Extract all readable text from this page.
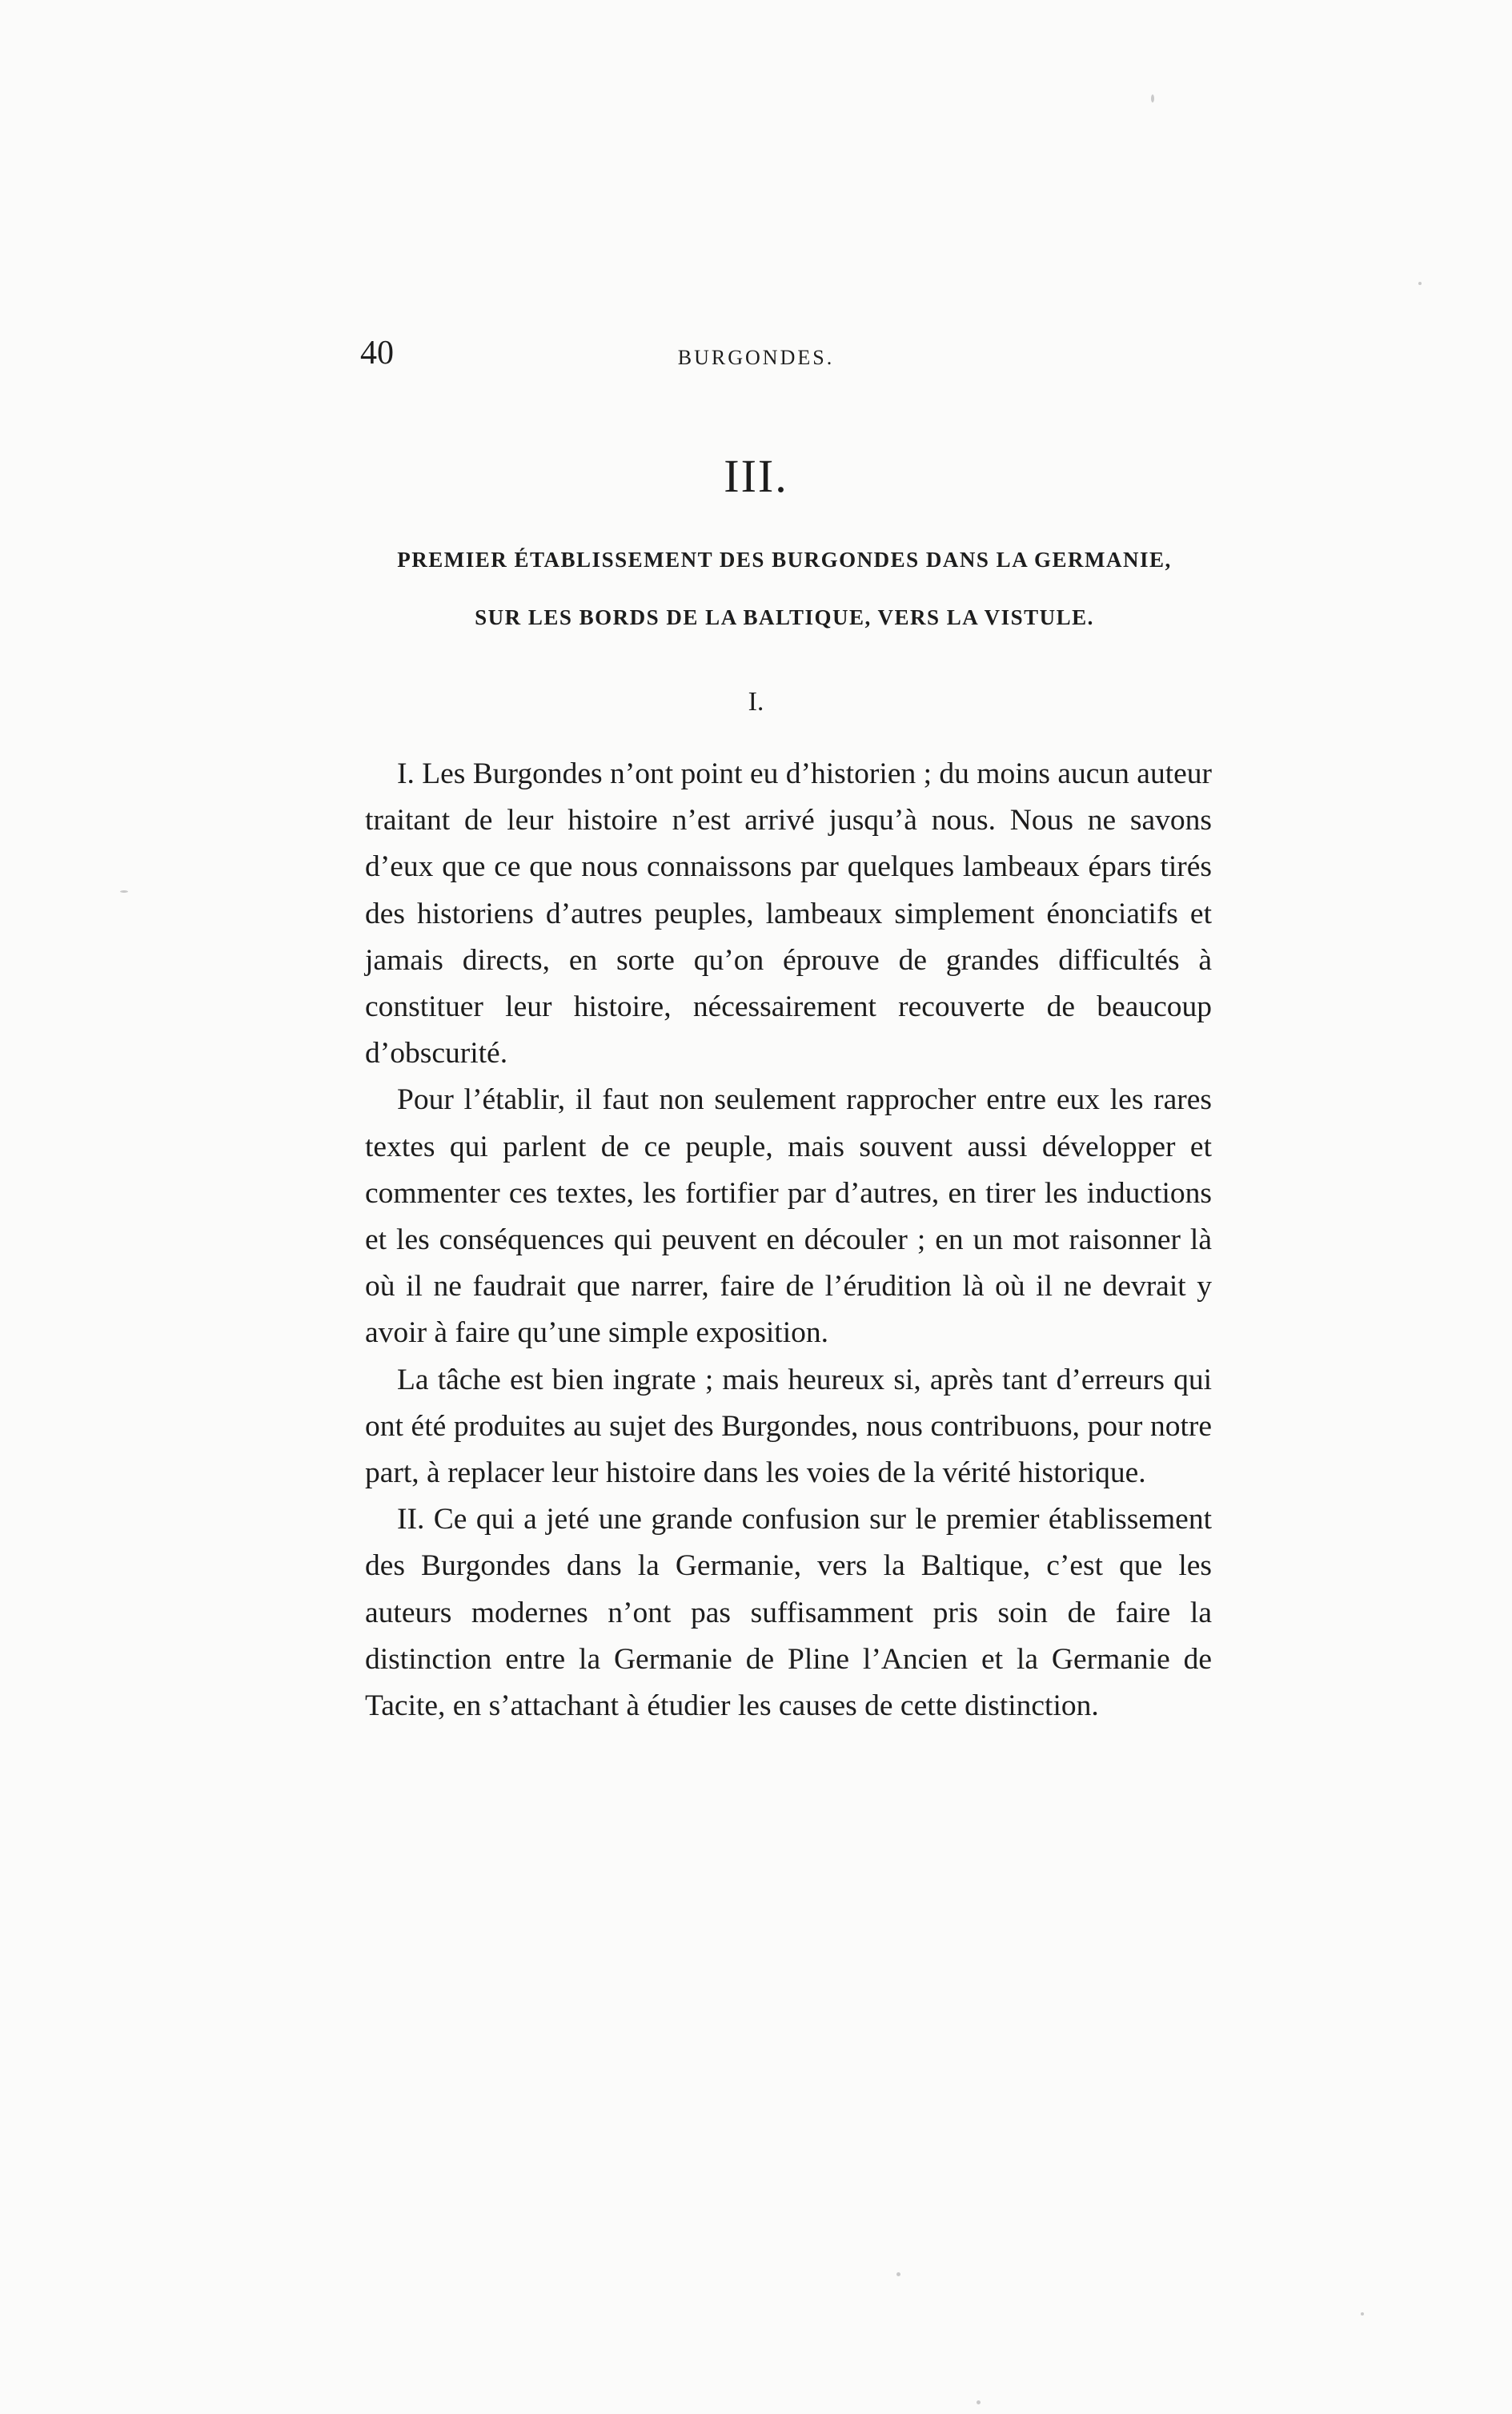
40	BURGONDES.
III.
PREMIER ÉTABLISSEMENT DES BURGONDES DANS LA GERMANIE,
SUR LES BORDS DE LA BALTIQUE, VERS LA VISTULE.
I.

I. Les Burgondes n’ont point eu d’historien ; du moins aucun auteur traitant de leur histoire n’est arrivé jusqu’à nous. Nous ne savons d’eux que ce que nous connaissons par quelques lambeaux épars tirés des historiens d’autres peuples, lambeaux simplement énonciatifs et jamais directs, en sorte qu’on éprouve de grandes difficultés à constituer leur histoire, nécessairement recouverte de beaucoup d’obscurité.

Pour l’établir, il faut non seulement rapprocher entre eux les rares textes qui parlent de ce peuple, mais souvent aussi développer et commenter ces textes, les fortifier par d’autres, en tirer les inductions et les conséquences qui peuvent en découler ; en un mot raisonner là où il ne faudrait que narrer, faire de l’érudition là où il ne devrait y avoir à faire qu’une simple exposition.

La tâche est bien ingrate ; mais heureux si, après tant d’erreurs qui ont été produites au sujet des Burgondes, nous contribuons, pour notre part, à replacer leur histoire dans les voies de la vérité historique.

II. Ce qui a jeté une grande confusion sur le premier établissement des Burgondes dans la Germanie, vers la Baltique, c’est que les auteurs modernes n’ont pas suffisamment pris soin de faire la distinction entre la Germanie de Pline l’Ancien et la Germanie de Tacite, en s’attachant à étudier les causes de cette distinction.
